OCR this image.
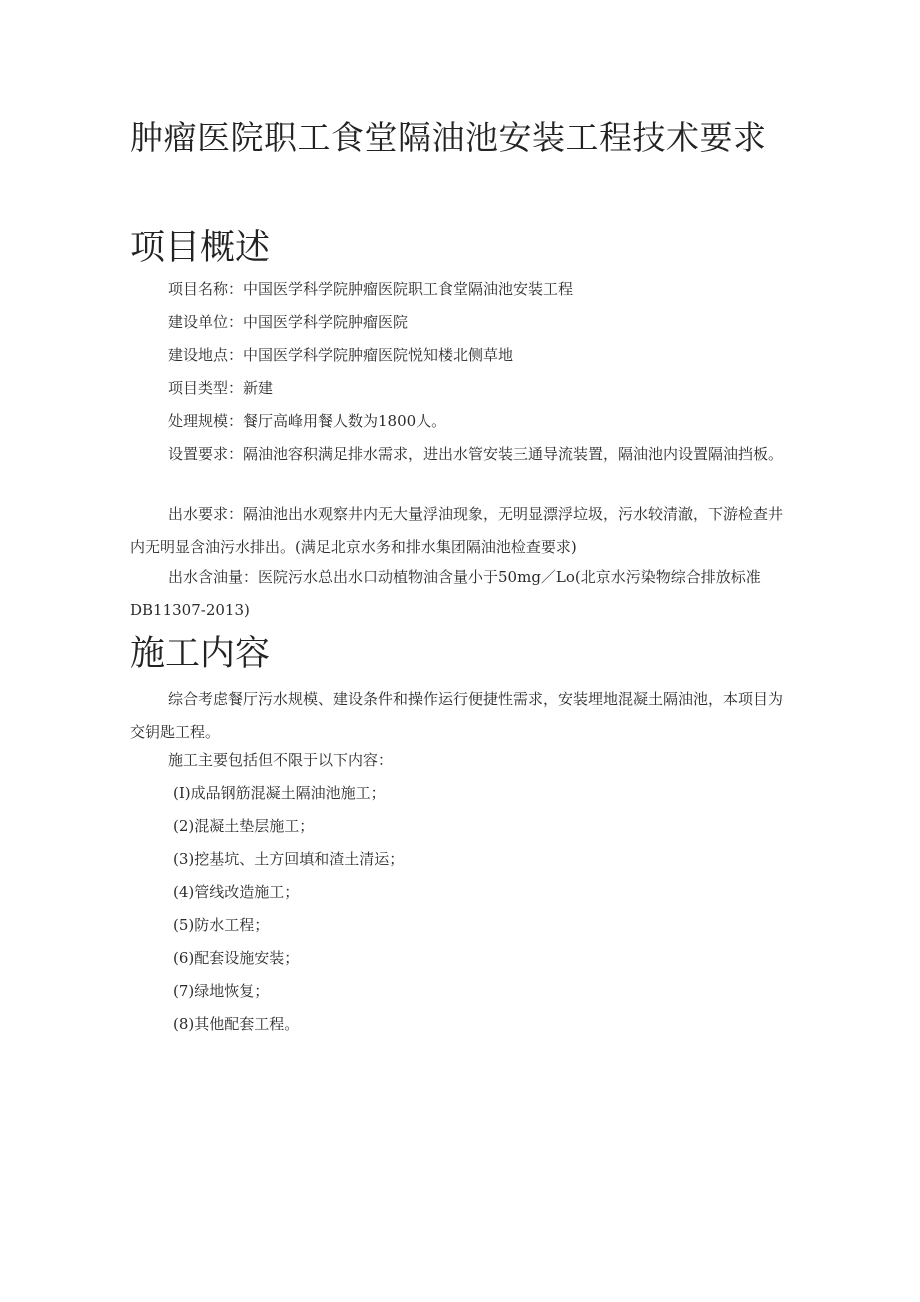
肿瘤医院职工食堂隔油池安装工程技术要求
项目概述

项目名称：中国医学科学院肿瘤医院职工食堂隔油池安装工程

建设单位：中国医学科学院肿瘤医院

建设地点：中国医学科学院肿瘤医院悦知楼北侧草地

项目类型：新建

处理规模：餐厅高峰用餐人数为1800人。

设置要求：隔油池容积满足排水需求，进出水管安装三通导流装置，隔油池内设置隔油挡板。

出水要求：隔油池出水观察井内无大量浮油现象，无明显漂浮垃圾，污水较清澈，下游检查井内无明显含油污水排出。(满足北京水务和排水集团隔油池检查要求)

出水含油量：医院污水总出水口动植物油含量小于50mg／Lo(北京水污染物综合排放标准DB11307-2013)

施工内容

综合考虑餐厅污水规模、建设条件和操作运行便捷性需求，安装埋地混凝土隔油池，本项目为交钥匙工程。

施工主要包括但不限于以下内容：

(I)成品钢筋混凝土隔油池施工；

(2)混凝土垫层施工；

(3)挖基坑、土方回填和渣土清运；

(4)管线改造施工；

(5)防水工程；

(6)配套设施安装；

(7)绿地恢复；

(8)其他配套工程。
